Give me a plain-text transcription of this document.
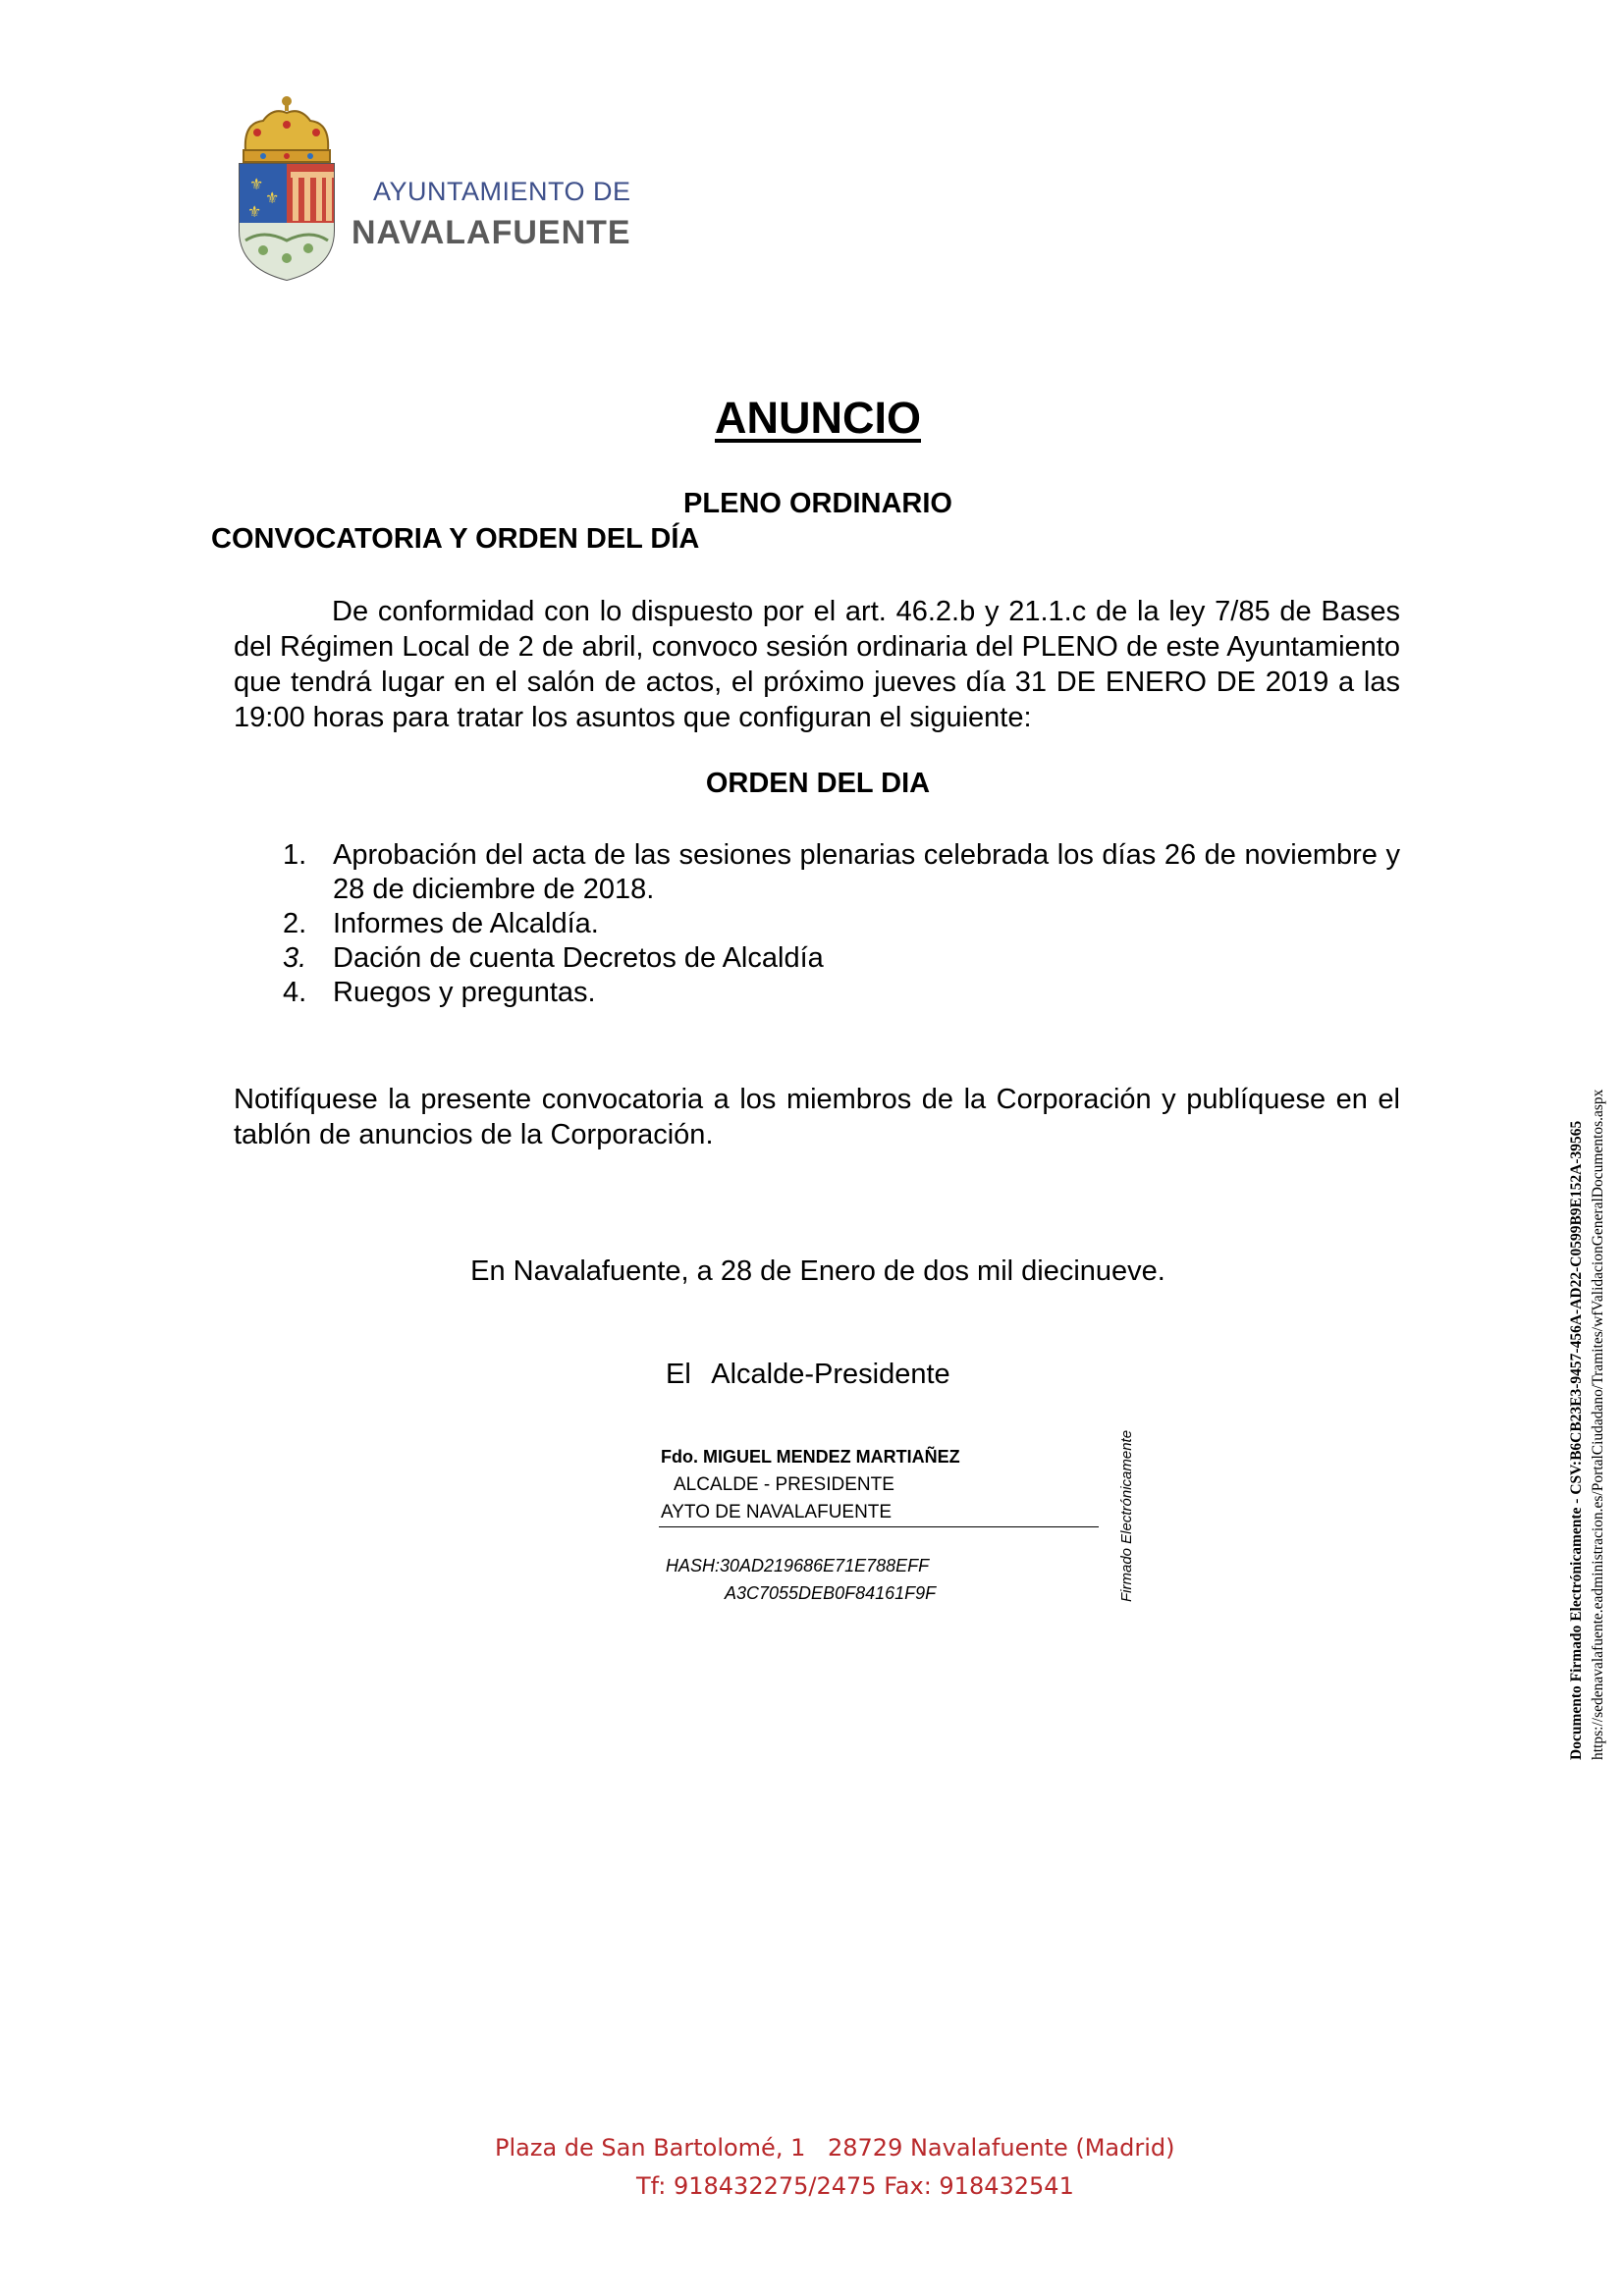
⚜
⚜
⚜
AYUNTAMIENTO DE
NAVALAFUENTE
ANUNCIO
PLENO ORDINARIO
CONVOCATORIA Y ORDEN DEL DÍA
De conformidad con lo dispuesto por el art. 46.2.b y 21.1.c de la ley 7/85 de Bases del Régimen Local de 2 de abril, convoco sesión ordinaria del PLENO de este Ayuntamiento que tendrá lugar en el salón de actos, el próximo jueves día 31 DE ENERO DE 2019 a las 19:00 horas para tratar los asuntos que configuran el siguiente:
ORDEN DEL DIA
1. Aprobación del acta de las sesiones plenarias celebrada los días 26 de noviembre y 28 de diciembre de 2018.
2. Informes de Alcaldía.
3. Dación de cuenta Decretos de Alcaldía
4. Ruegos y preguntas.
Notifíquese la presente convocatoria a los miembros de la Corporación y publíquese en el tablón de anuncios de la Corporación.
En Navalafuente, a 28 de Enero de dos mil diecinueve.
El Alcalde-Presidente
Fdo. MIGUEL MENDEZ MARTIAÑEZ
ALCALDE - PRESIDENTE
AYTO DE NAVALAFUENTE
HASH:30AD219686E71E788EFF
A3C7055DEB0F84161F9F	Firmado Electrónicamente	Documento Firmado Electrónicamente - CSV:B6CB23E3-9457-456A-AD22-C0599B9E152A-39565 https://sedenavalafuente.eadministracion.es/PortalCiudadano/Tramites/wfValidacionGeneralDocumentos.aspx
Plaza de San Bartolomé, 1 28729 Navalafuente (Madrid)
Tf: 918432275/2475 Fax: 918432541
